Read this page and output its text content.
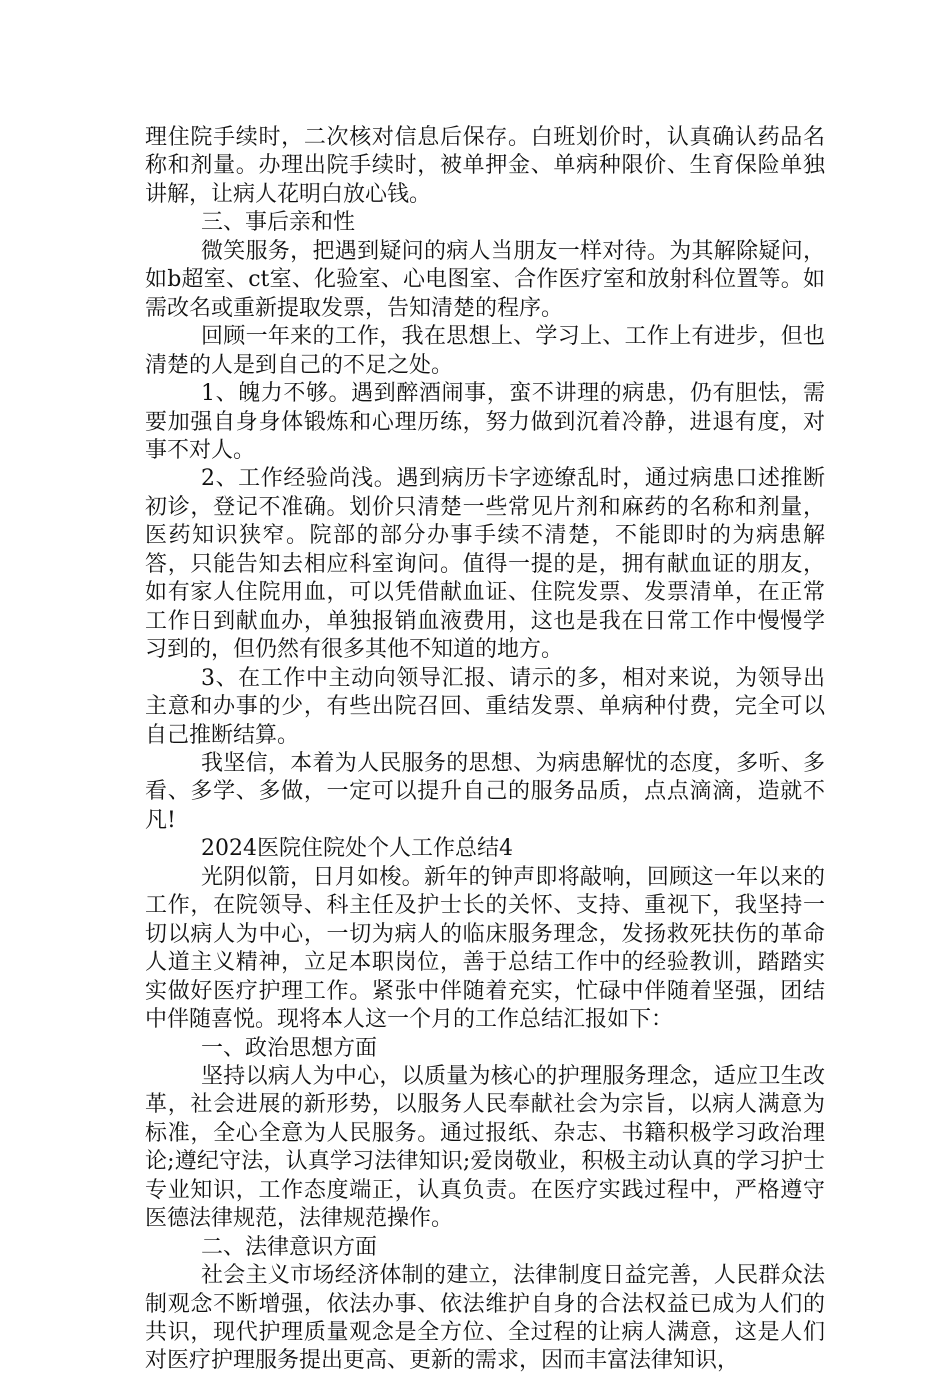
理住院手续时，二次核对信息后保存。白班划价时，认真确认药品名称和剂量。办理出院手续时，被单押金、单病种限价、生育保险单独讲解，让病人花明白放心钱。

三、事后亲和性

微笑服务，把遇到疑问的病人当朋友一样对待。为其解除疑问，如b超室、ct室、化验室、心电图室、合作医疗室和放射科位置等。如需改名或重新提取发票，告知清楚的程序。

回顾一年来的工作，我在思想上、学习上、工作上有进步，但也清楚的人是到自己的不足之处。

1、魄力不够。遇到醉酒闹事，蛮不讲理的病患，仍有胆怯，需要加强自身身体锻炼和心理历练，努力做到沉着冷静，进退有度，对事不对人。

2、工作经验尚浅。遇到病历卡字迹缭乱时，通过病患口述推断初诊，登记不准确。划价只清楚一些常见片剂和麻药的名称和剂量，医药知识狭窄。院部的部分办事手续不清楚，不能即时的为病患解答，只能告知去相应科室询问。值得一提的是，拥有献血证的朋友，如有家人住院用血，可以凭借献血证、住院发票、发票清单，在正常工作日到献血办，单独报销血液费用，这也是我在日常工作中慢慢学习到的，但仍然有很多其他不知道的地方。

3、在工作中主动向领导汇报、请示的多，相对来说，为领导出主意和办事的少，有些出院召回、重结发票、单病种付费，完全可以自己推断结算。

我坚信，本着为人民服务的思想、为病患解忧的态度，多听、多看、多学、多做，一定可以提升自己的服务品质，点点滴滴，造就不凡!

2024医院住院处个人工作总结4

光阴似箭，日月如梭。新年的钟声即将敲响，回顾这一年以来的工作，在院领导、科主任及护士长的关怀、支持、重视下，我坚持一切以病人为中心，一切为病人的临床服务理念，发扬救死扶伤的革命人道主义精神，立足本职岗位，善于总结工作中的经验教训，踏踏实实做好医疗护理工作。紧张中伴随着充实，忙碌中伴随着坚强，团结中伴随喜悦。现将本人这一个月的工作总结汇报如下：

一、政治思想方面

坚持以病人为中心，以质量为核心的护理服务理念，适应卫生改革，社会进展的新形势，以服务人民奉献社会为宗旨，以病人满意为标准，全心全意为人民服务。通过报纸、杂志、书籍积极学习政治理论;遵纪守法，认真学习法律知识;爱岗敬业，积极主动认真的学习护士专业知识，工作态度端正，认真负责。在医疗实践过程中，严格遵守医德法律规范，法律规范操作。

二、法律意识方面

社会主义市场经济体制的建立，法律制度日益完善，人民群众法制观念不断增强，依法办事、依法维护自身的合法权益已成为人们的共识，现代护理质量观念是全方位、全过程的让病人满意，这是人们对医疗护理服务提出更高、更新的需求，因而丰富法律知识，
